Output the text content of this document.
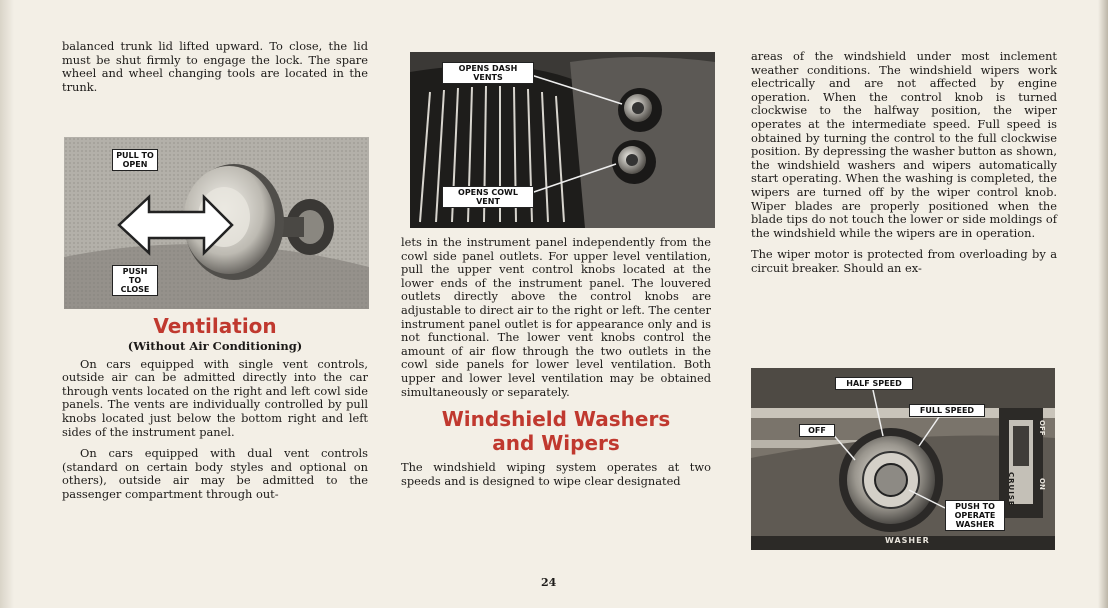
balanced trunk lid lifted upward. To close, the lid must be shut firmly to engage the lock. The spare wheel and wheel changing tools are located in the trunk.

PULL TO OPEN
PUSH TO CLOSE
Ventilation
(Without Air Conditioning)

On cars equipped with single vent controls, outside air can be admitted directly into the car through vents located on the right and left cowl side panels. The vents are individually controlled by pull knobs located just below the bottom right and left sides of the instrument panel.

On cars equipped with dual vent controls (standard on certain body styles and optional on others), outside air may be admitted to the passenger compartment through out-

OPENS DASH VENTS
OPENS COWL VENT

lets in the instrument panel independently from the cowl side panel outlets. For upper level ventilation, pull the upper vent control knobs located at the lower ends of the instrument panel. The louvered outlets directly above the control knobs are adjustable to direct air to the right or left. The center instrument panel outlet is for appearance only and is not functional. The lower vent knobs control the amount of air flow through the two outlets in the cowl side panels for lower level ventilation. Both upper and lower level ventilation may be obtained simultaneously or separately.

Windshield Washers
and Wipers

The windshield wiping system operates at two speeds and is designed to wipe clear designated

areas of the windshield under most inclement weather conditions. The windshield wipers work electrically and are not affected by engine operation. When the control knob is turned clockwise to the halfway position, the wiper operates at the intermediate speed. Full speed is obtained by turning the control to the full clockwise position. By depressing the washer button as shown, the windshield washers and wipers automatically start operating. When the washing is completed, the wipers are turned off by the wiper control knob. Wiper blades are properly positioned when the blade tips do not touch the lower or side moldings of the windshield while the wipers are in operation.

The wiper motor is protected from overloading by a circuit breaker. Should an ex-

HALF SPEED
FULL SPEED
OFF
PUSH TO OPERATE WASHER
CRUISE	ON
OFF
WASHER
24
